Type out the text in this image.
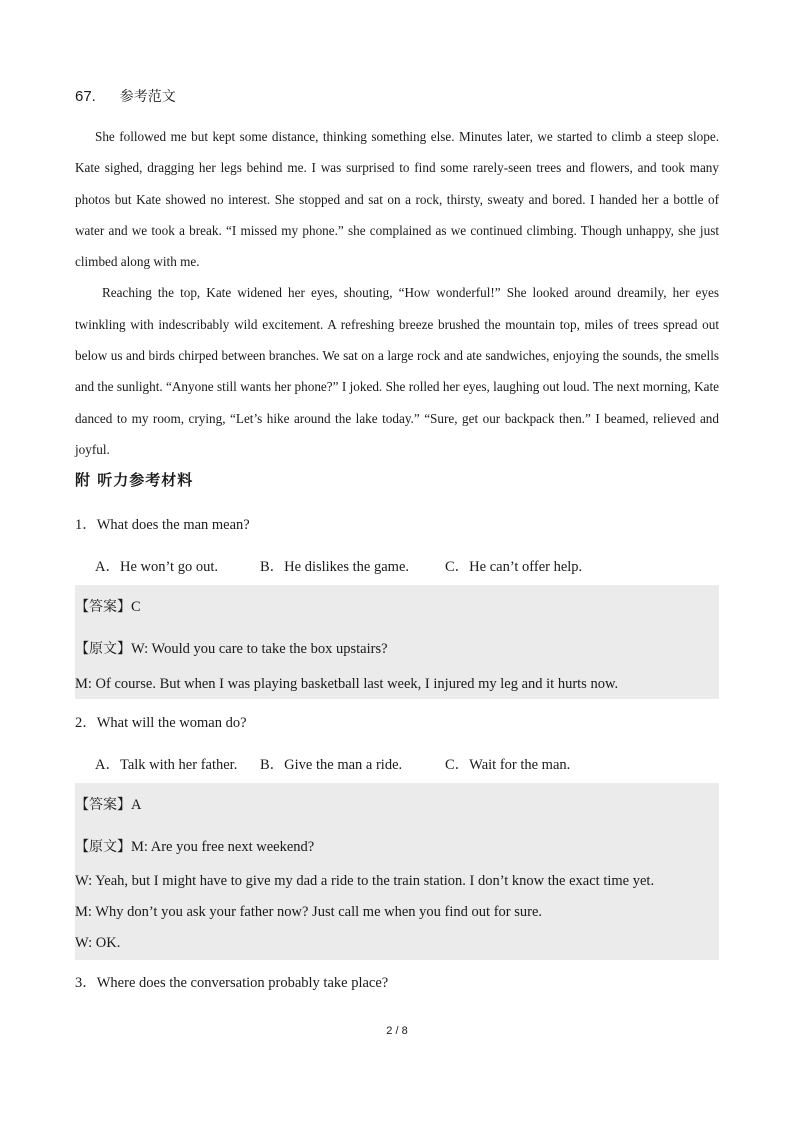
67. 参考范文

She followed me but kept some distance, thinking something else. Minutes later, we started to climb a steep slope. Kate sighed, dragging her legs behind me. I was surprised to find some rarely-seen trees and flowers, and took many photos but Kate showed no interest. She stopped and sat on a rock, thirsty, sweaty and bored. I handed her a bottle of water and we took a break. “I missed my phone.” she complained as we continued climbing. Though unhappy, she just climbed along with me.

Reaching the top, Kate widened her eyes, shouting, “How wonderful!” She looked around dreamily, her eyes twinkling with indescribably wild excitement. A refreshing breeze brushed the mountain top, miles of trees spread out below us and birds chirped between branches. We sat on a large rock and ate sandwiches, enjoying the sounds, the smells and the sunlight. “Anyone still wants her phone?” I joked. She rolled her eyes, laughing out loud. The next morning, Kate danced to my room, crying, “Let’s hike around the lake today.” “Sure, get our backpack then.” I beamed, relieved and joyful.

附 听力参考材料
1．What does the man mean?
A．He won’t go out.	B．He dislikes the game. C．He can’t offer help.
【答案】C
【原文】W: Would you care to take the box upstairs?
M: Of course. But when I was playing basketball last week, I injured my leg and it hurts now.
2．What will the woman do?
A．Talk with her father. B．Give the man a ride.	C．Wait for the man.
【答案】A
【原文】M: Are you free next weekend?
W: Yeah, but I might have to give my dad a ride to the train station. I don’t know the exact time yet.
M: Why don’t you ask your father now? Just call me when you find out for sure.
W: OK.
3．Where does the conversation probably take place?
2 / 8
